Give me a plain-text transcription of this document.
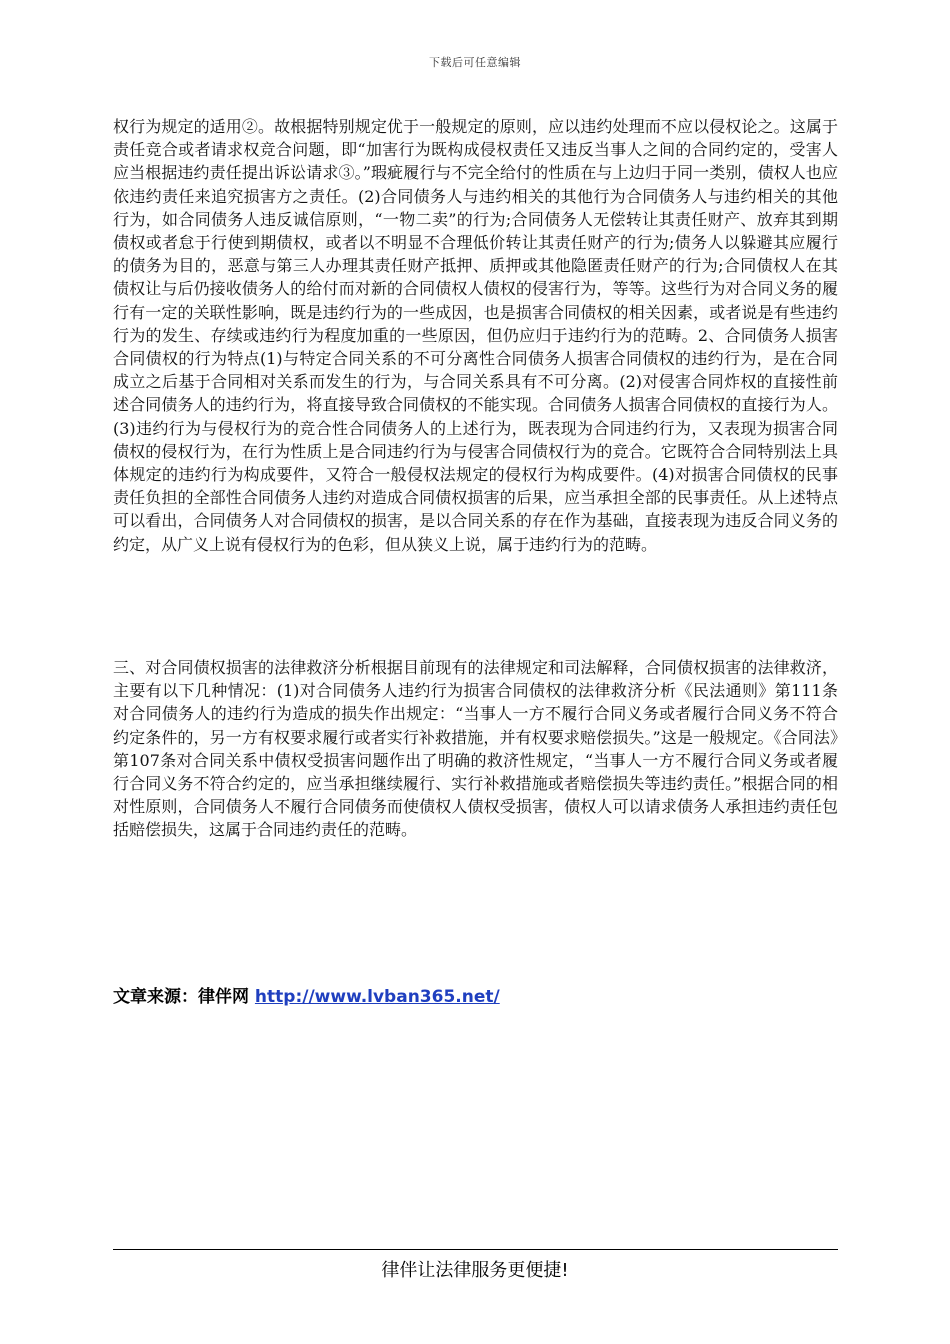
下载后可任意编辑

权行为规定的适用②。故根据特别规定优于一般规定的原则，应以违约处理而不应以侵权论之。这属于责任竞合或者请求权竞合问题，即“加害行为既构成侵权责任又违反当事人之间的合同约定的，受害人应当根据违约责任提出诉讼请求③。”瑕疵履行与不完全给付的性质在与上边归于同一类别，债权人也应依违约责任来追究损害方之责任。(2)合同债务人与违约相关的其他行为合同债务人与违约相关的其他行为，如合同债务人违反诚信原则，“一物二卖”的行为;合同债务人无偿转让其责任财产、放弃其到期债权或者怠于行使到期债权，或者以不明显不合理低价转让其责任财产的行为;债务人以躲避其应履行的债务为目的，恶意与第三人办理其责任财产抵押、质押或其他隐匿责任财产的行为;合同债权人在其债权让与后仍接收债务人的给付而对新的合同债权人债权的侵害行为，等等。这些行为对合同义务的履行有一定的关联性影响，既是违约行为的一些成因，也是损害合同债权的相关因素，或者说是有些违约行为的发生、存续或违约行为程度加重的一些原因，但仍应归于违约行为的范畴。2、合同债务人损害合同债权的行为特点(1)与特定合同关系的不可分离性合同债务人损害合同债权的违约行为，是在合同成立之后基于合同相对关系而发生的行为，与合同关系具有不可分离。(2)对侵害合同炸权的直接性前述合同债务人的违约行为，将直接导致合同债权的不能实现。合同债务人损害合同债权的直接行为人。(3)违约行为与侵权行为的竞合性合同债务人的上述行为，既表现为合同违约行为，又表现为损害合同债权的侵权行为，在行为性质上是合同违约行为与侵害合同债权行为的竞合。它既符合合同特别法上具体规定的违约行为构成要件，又符合一般侵权法规定的侵权行为构成要件。(4)对损害合同债权的民事责任负担的全部性合同债务人违约对造成合同债权损害的后果，应当承担全部的民事责任。从上述特点可以看出，合同债务人对合同债权的损害，是以合同关系的存在作为基础，直接表现为违反合同义务的约定，从广义上说有侵权行为的色彩，但从狭义上说，属于违约行为的范畴。

三、对合同债权损害的法律救济分析根据目前现有的法律规定和司法解释，合同债权损害的法律救济，主要有以下几种情况：(1)对合同债务人违约行为损害合同债权的法律救济分析《民法通则》第111条对合同债务人的违约行为造成的损失作出规定：“当事人一方不履行合同义务或者履行合同义务不符合约定条件的，另一方有权要求履行或者实行补救措施，并有权要求赔偿损失。”这是一般规定。《合同法》第107条对合同关系中债权受损害问题作出了明确的救济性规定，“当事人一方不履行合同义务或者履行合同义务不符合约定的，应当承担继续履行、实行补救措施或者赔偿损失等违约责任。”根据合同的相对性原则，合同债务人不履行合同债务而使债权人债权受损害，债权人可以请求债务人承担违约责任包括赔偿损失，这属于合同违约责任的范畴。

文章来源：律伴网 http://www.lvban365.net/
律伴让法律服务更便捷!
